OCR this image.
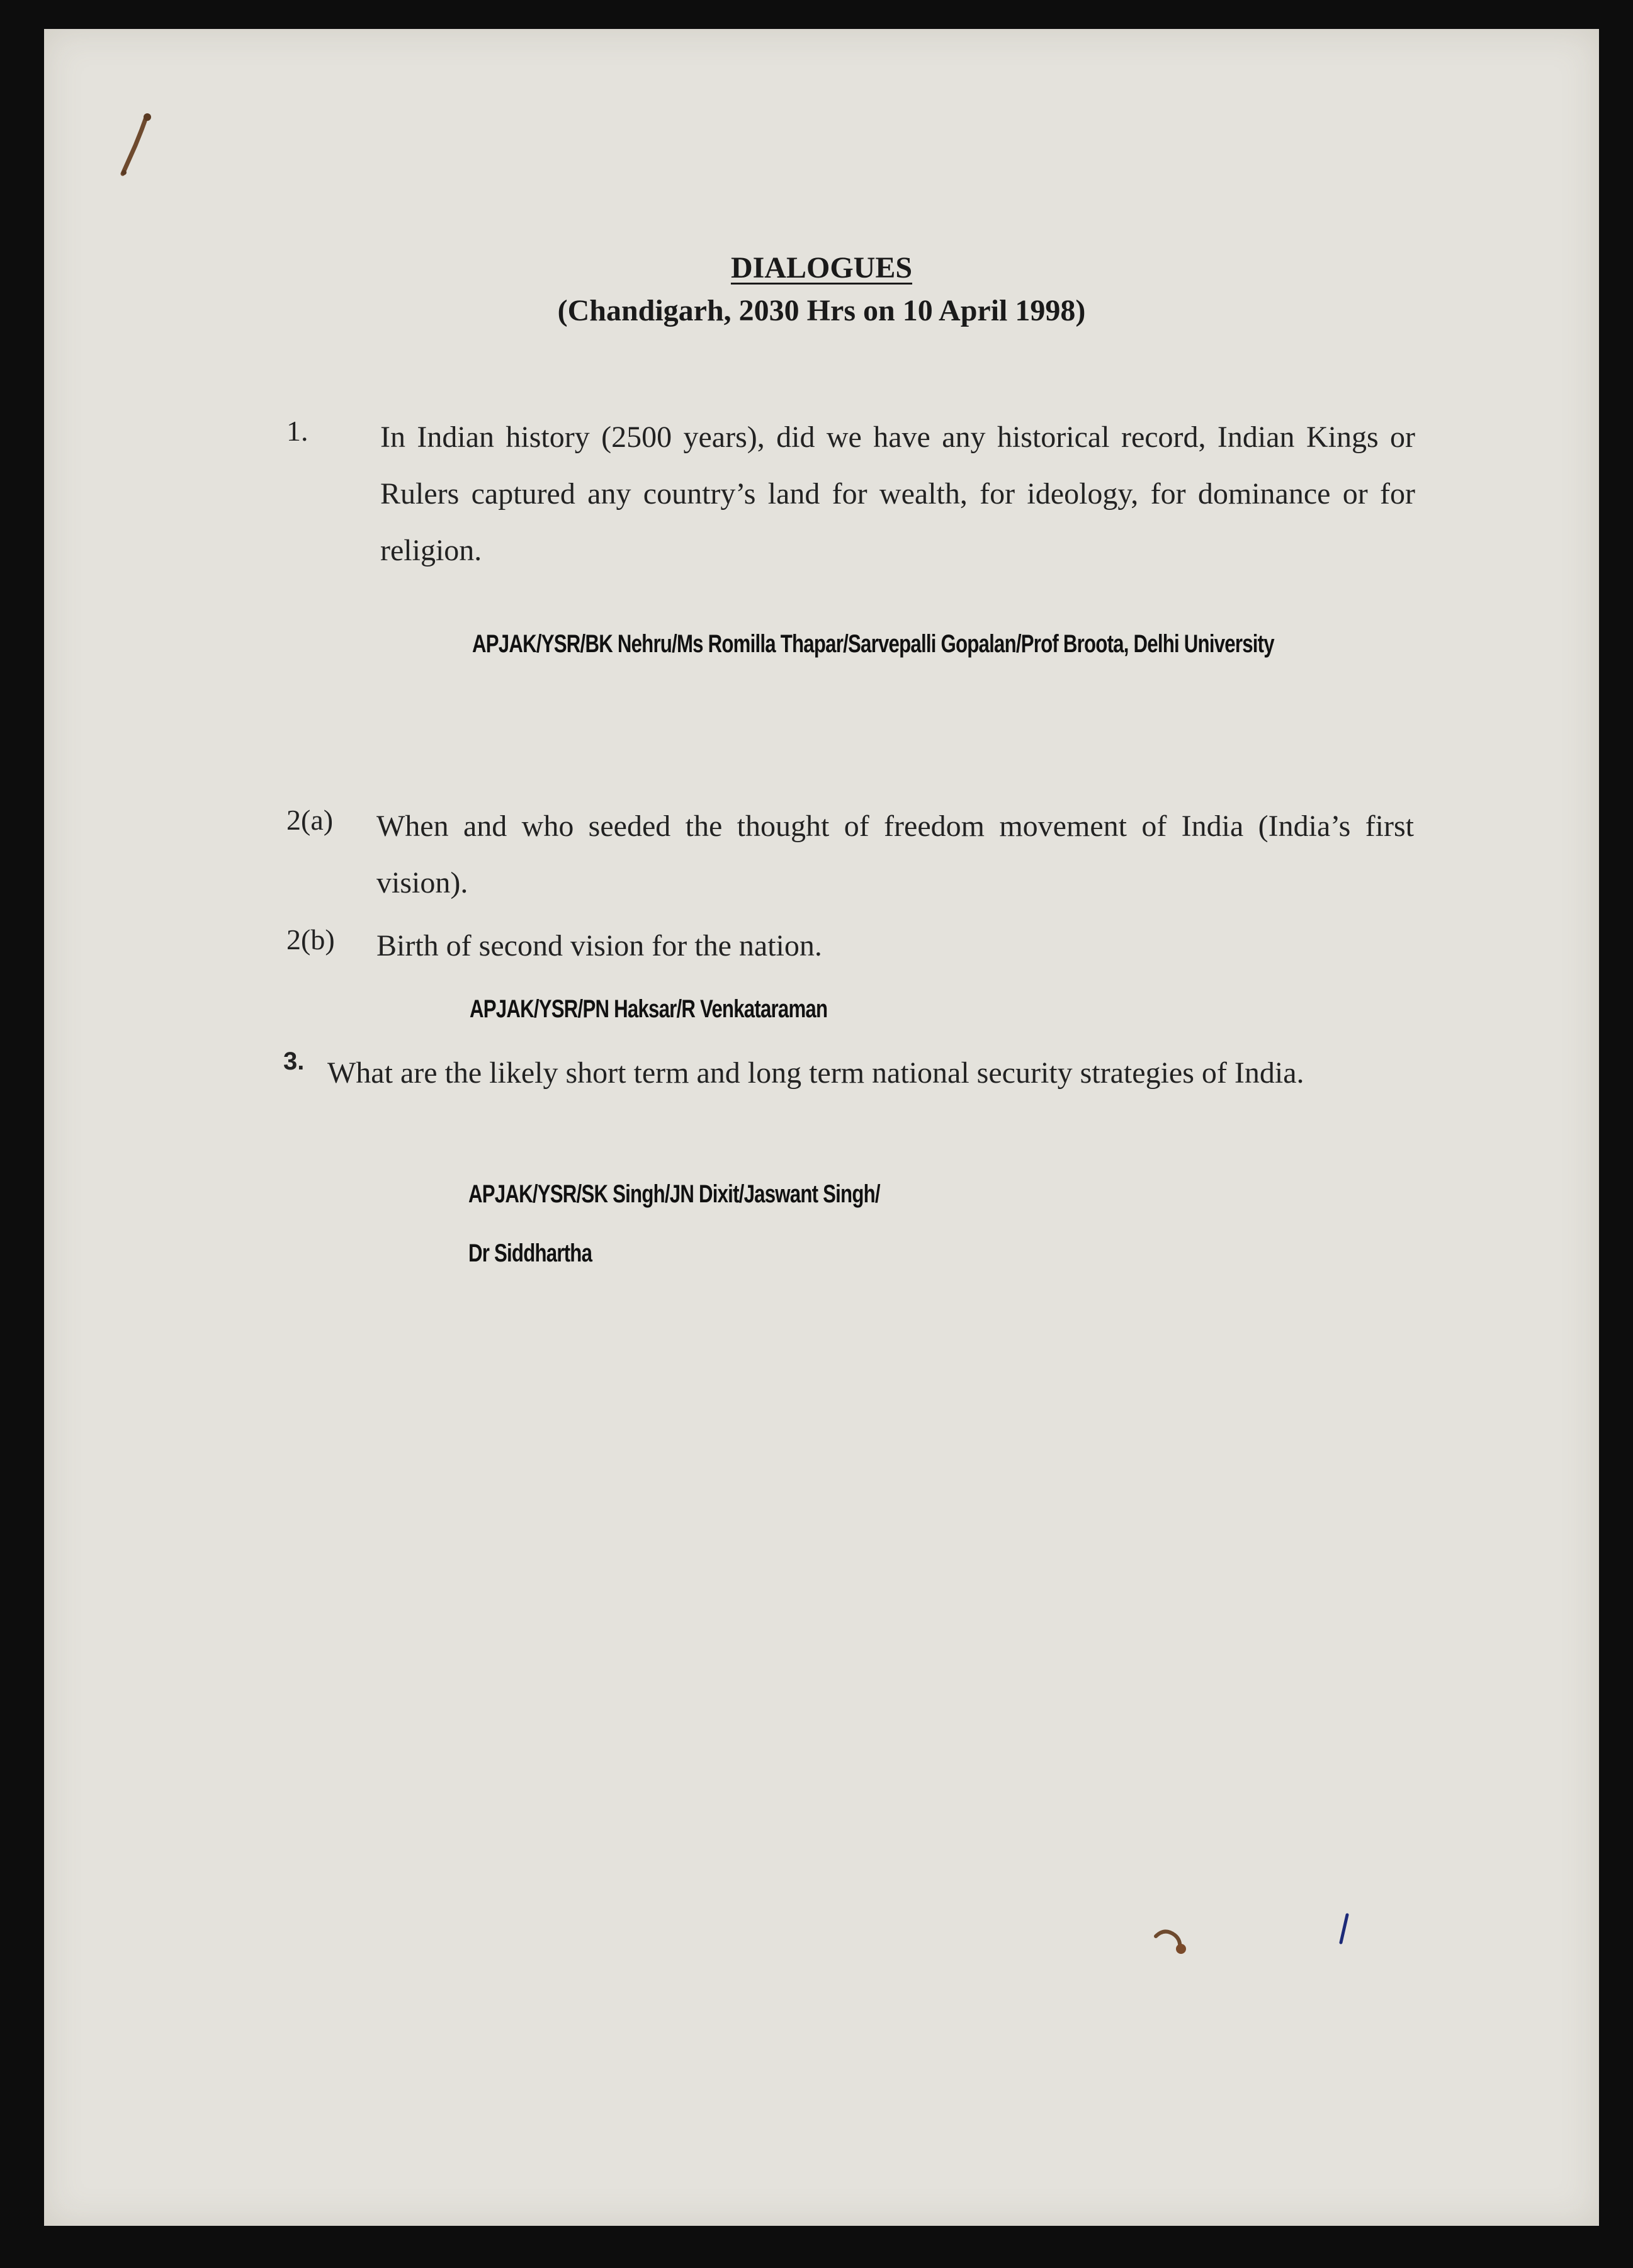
DIALOGUES
(Chandigarh, 2030 Hrs on 10 April 1998)
1. In Indian history (2500 years), did we have any historical record, Indian Kings or Rulers captured any country’s land for wealth, for ideology, for dominance or for religion.

APJAK/YSR/BK Nehru/Ms Romilla Thapar/Sarvepalli Gopalan/Prof Broota, Delhi University

2(a) When and who seeded the thought of freedom movement of India (India’s first vision).

2(b) Birth of second vision for the nation.

APJAK/YSR/PN Haksar/R Venkataraman

3. What are the likely short term and long term national security strategies of India.

APJAK/YSR/SK Singh/JN Dixit/Jaswant Singh/

Dr Siddhartha
